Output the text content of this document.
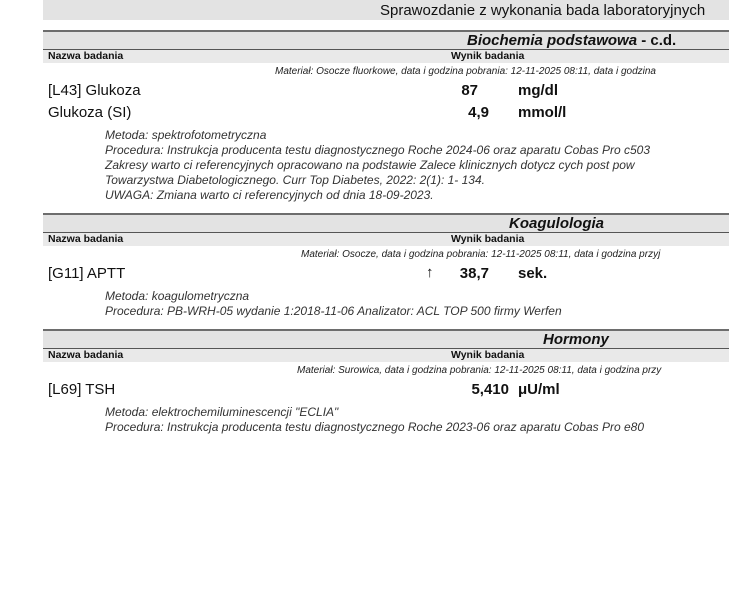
Sprawozdanie z wykonania bada laboratoryjnych
Biochemia podstawowa - c.d.
Nazwa badania	Wynik badania
Materiał: Osocze fluorkowe, data i godzina pobrania: 12-11-2025 08:11, data i godzina
[L43] Glukoza	87	mg/dl
Glukoza (SI)	4,9 mmol/l
Metoda: spektrofotometryczna
Procedura: Instrukcja producenta testu diagnostycznego Roche 2024-06 oraz aparatu Cobas Pro c503
Zakresy warto ci referencyjnych opracowano na podstawie Zalece klinicznych dotycz cych post pow
Towarzystwa Diabetologicznego. Curr Top Diabetes, 2022: 2(1): 1- 134.
UWAGA: Zmiana warto ci referencyjnych od dnia 18-09-2023.
Koagulologia
Nazwa badania	Wynik badania
Materiał: Osocze, data i godzina pobrania: 12-11-2025 08:11, data i godzina przyj
[G11] APTT	↑	38,7 sek.
Metoda: koagulometryczna
Procedura: PB-WRH-05 wydanie 1:2018-11-06 Analizator: ACL TOP 500 firmy Werfen
Hormony
Nazwa badania	Wynik badania
Materiał: Surowica, data i godzina pobrania: 12-11-2025 08:11, data i godzina przy
[L69] TSH	5,410 μU/ml
Metoda: elektrochemiluminescencji "ECLIA"
Procedura: Instrukcja producenta testu diagnostycznego Roche 2023-06 oraz aparatu Cobas Pro e80
